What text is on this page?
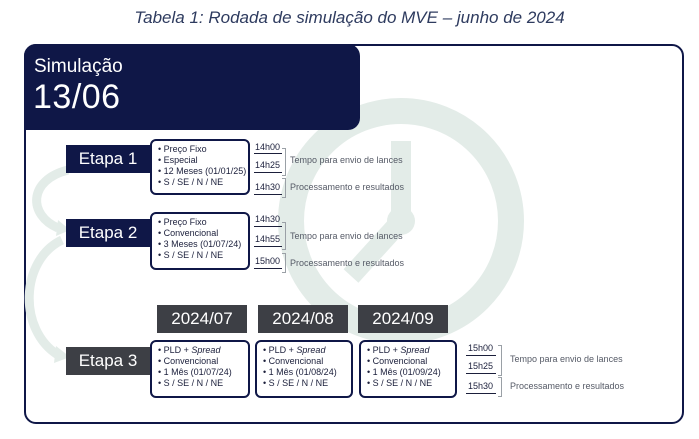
Tabela 1: Rodada de simulação do MVE – junho de 2024
Simulação
13/06
Etapa 1
•	Preço Fixo
• Especial
• 12 Meses (01/01/25)
• S / SE / N / NE
14h00
14h25
14h30
Tempo para envio de lances
Processamento e resultados
Etapa 2
• Preço Fixo
• Convencional
• 3 Meses (01/07/24)
• S / SE / N / NE
14h30
14h55
15h00
Tempo para envio de lances
Processamento e resultados
2024/07	2024/08	2024/09
Etapa 3
• PLD + Spread
• Convencional
• 1 Mês (01/07/24)
• S / SE / N / NE
• PLD + Spread
• Convencional
• 1 Mês (01/08/24)
• S / SE / N / NE
• PLD + Spread
• Convencional
• 1 Mês (01/09/24)
• S / SE / N / NE
15h00
15h25
15h30
Tempo para envio de lances
Processamento e resultados
